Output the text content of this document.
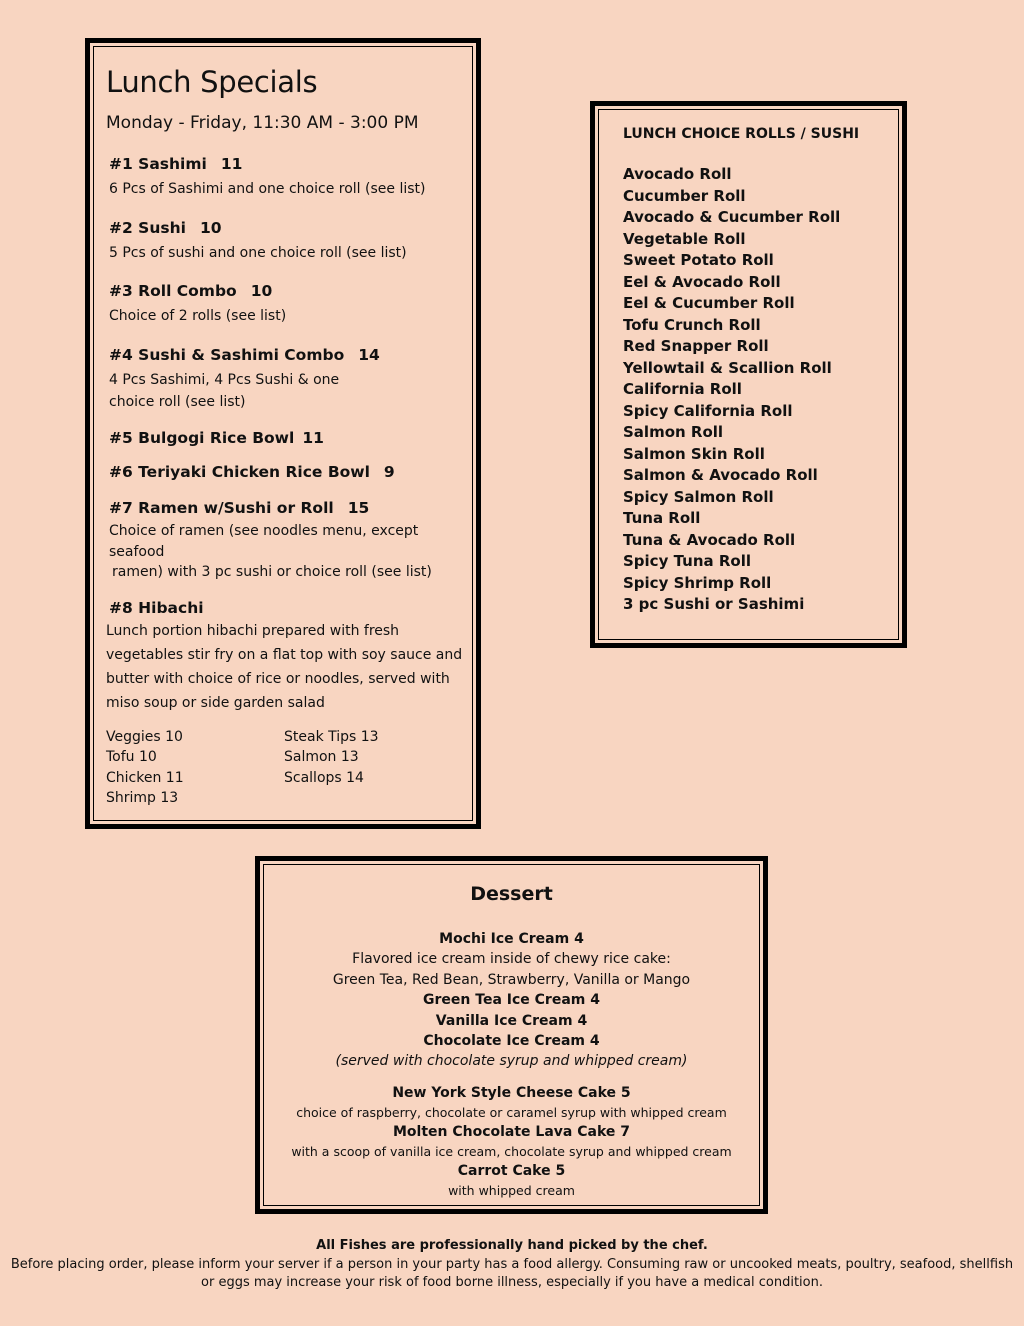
Lunch Specials
Monday - Friday, 11:30 AM - 3:00 PM
#1 Sashimi 11
6 Pcs of Sashimi and one choice roll (see list)
#2 Sushi 10
5 Pcs of sushi and one choice roll (see list)
#3 Roll Combo 10
Choice of 2 rolls (see list)
#4 Sushi & Sashimi Combo 14
4 Pcs Sashimi, 4 Pcs Sushi & one
choice roll (see list)
#5 Bulgogi Rice Bowl 11
#6 Teriyaki Chicken Rice Bowl 9
#7 Ramen w/Sushi or Roll 15
Choice of ramen (see noodles menu, except seafood
ramen) with 3 pc sushi or choice roll (see list)
#8 Hibachi
Lunch portion hibachi prepared with fresh vegetables stir fry on a flat top with soy sauce and butter with choice of rice or noodles, served with miso soup or side garden salad
Veggies 10
Tofu 10
Chicken 11
Shrimp 13
Steak Tips 13
Salmon 13
Scallops 14
LUNCH CHOICE ROLLS / SUSHI
Avocado Roll
Cucumber Roll
Avocado & Cucumber Roll
Vegetable Roll
Sweet Potato Roll
Eel & Avocado Roll
Eel & Cucumber Roll
Tofu Crunch Roll
Red Snapper Roll
Yellowtail & Scallion Roll
California Roll
Spicy California Roll
Salmon Roll
Salmon Skin Roll
Salmon & Avocado Roll
Spicy Salmon Roll
Tuna Roll
Tuna & Avocado Roll
Spicy Tuna Roll
Spicy Shrimp Roll
3 pc Sushi or Sashimi
Dessert
Mochi Ice Cream 4
Flavored ice cream inside of chewy rice cake:
Green Tea, Red Bean, Strawberry, Vanilla or Mango
Green Tea Ice Cream 4
Vanilla Ice Cream 4
Chocolate Ice Cream 4
(served with chocolate syrup and whipped cream)
New York Style Cheese Cake 5
choice of raspberry, chocolate or caramel syrup with whipped cream
Molten Chocolate Lava Cake 7
with a scoop of vanilla ice cream, chocolate syrup and whipped cream
Carrot Cake 5
with whipped cream
All Fishes are professionally hand picked by the chef.
Before placing order, please inform your server if a person in your party has a food allergy. Consuming raw or uncooked meats, poultry, seafood, shellfish
or eggs may increase your risk of food borne illness, especially if you have a medical condition.
